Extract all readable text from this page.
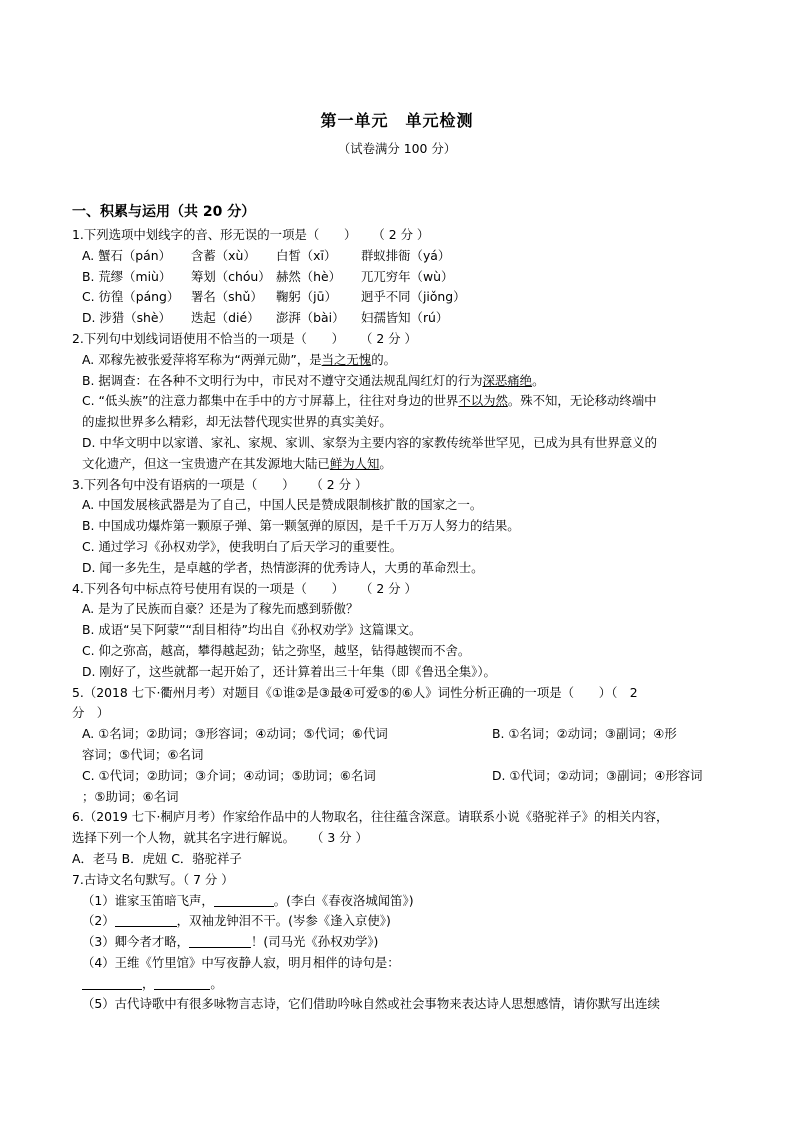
第一单元　单元检测
（试卷满分 100 分）
一、积累与运用（共 20 分）
1.下列选项中划线字的音、形无误的一项是（　　） （ 2 分 ）
A. 蟹石（pán） 含蓄（xù） 白皙（xī） 群蚁排衙（yá）
B. 荒缪（miù） 筹划（chóu） 赫然（hè） 兀兀穷年（wù）
C. 彷徨（páng） 署名（shǔ） 鞠躬（jū） 迥乎不同（jiǒng）
D. 涉猎（shè） 迭起（dié） 澎湃（bài） 妇孺皆知（rú）
2.下列句中划线词语使用不恰当的一项是（　　） （ 2 分 ）
A. 邓稼先被张爱萍将军称为“两弹元勋”，是当之无愧的。
B. 据调查：在各种不文明行为中，市民对不遵守交通法规乱闯红灯的行为深恶痛绝。
C. “低头族”的注意力都集中在手中的方寸屏幕上，往往对身边的世界不以为然。殊不知，无论移动终端中
的虚拟世界多么精彩，却无法替代现实世界的真实美好。
D. 中华文明中以家谱、家礼、家规、家训、家祭为主要内容的家教传统举世罕见，已成为具有世界意义的
文化遗产，但这一宝贵遗产在其发源地大陆已鲜为人知。
3.下列各句中没有语病的一项是（　　） （ 2 分 ）
A. 中国发展核武器是为了自己，中国人民是赞成限制核扩散的国家之一。
B. 中国成功爆炸第一颗原子弹、第一颗氢弹的原因，是千千万万人努力的结果。
C. 通过学习《孙权劝学》，使我明白了后天学习的重要性。
D. 闻一多先生，是卓越的学者，热情澎湃的优秀诗人，大勇的革命烈士。
4.下列各句中标点符号使用有误的一项是（　　） （ 2 分 ）
A. 是为了民族而自豪？还是为了稼先而感到骄傲？
B. 成语“吴下阿蒙”“刮目相待”均出自《孙权劝学》这篇课文。
C. 仰之弥高，越高，攀得越起劲；钻之弥坚，越坚，钻得越锲而不舍。
D. 刚好了，这些就都一起开始了，还计算着出三十年集（即《鲁迅全集》）。
5.（2018 七下·衢州月考）对题目《①谁②是③最④可爱⑤的⑥人》词性分析正确的一项是（　　）（　2
分　）
A. ①名词；②助词；③形容词；④动词；⑤代词；⑥代词	B. ①名词；②动词；③副词；④形
容词；⑤代词；⑥名词
C. ①代词；②助词；③介词；④动词；⑤助词；⑥名词	D. ①代词；②动词；③副词；④形容词
；⑤助词；⑥名词
6.（2019 七下·桐庐月考）作家给作品中的人物取名，往往蕴含深意。请联系小说《骆驼祥子》的相关内容，
选择下列一个人物，就其名字进行解说。 （ 3 分 ）
A．老马 B．虎妞 C．骆驼祥子
7.古诗文名句默写。（ 7 分 ）
（1）谁家玉笛暗飞声，	。(李白《春夜洛城闻笛》)
（2）	，双袖龙钟泪不干。(岑参《逢入京使》)
（3）卿今者才略，	！(司马光《孙权劝学》)
（4）王维《竹里馆》中写夜静人寂，明月相伴的诗句是：
，	。
（5）古代诗歌中有很多咏物言志诗，它们借助吟咏自然或社会事物来表达诗人思想感情，请你默写出连续
